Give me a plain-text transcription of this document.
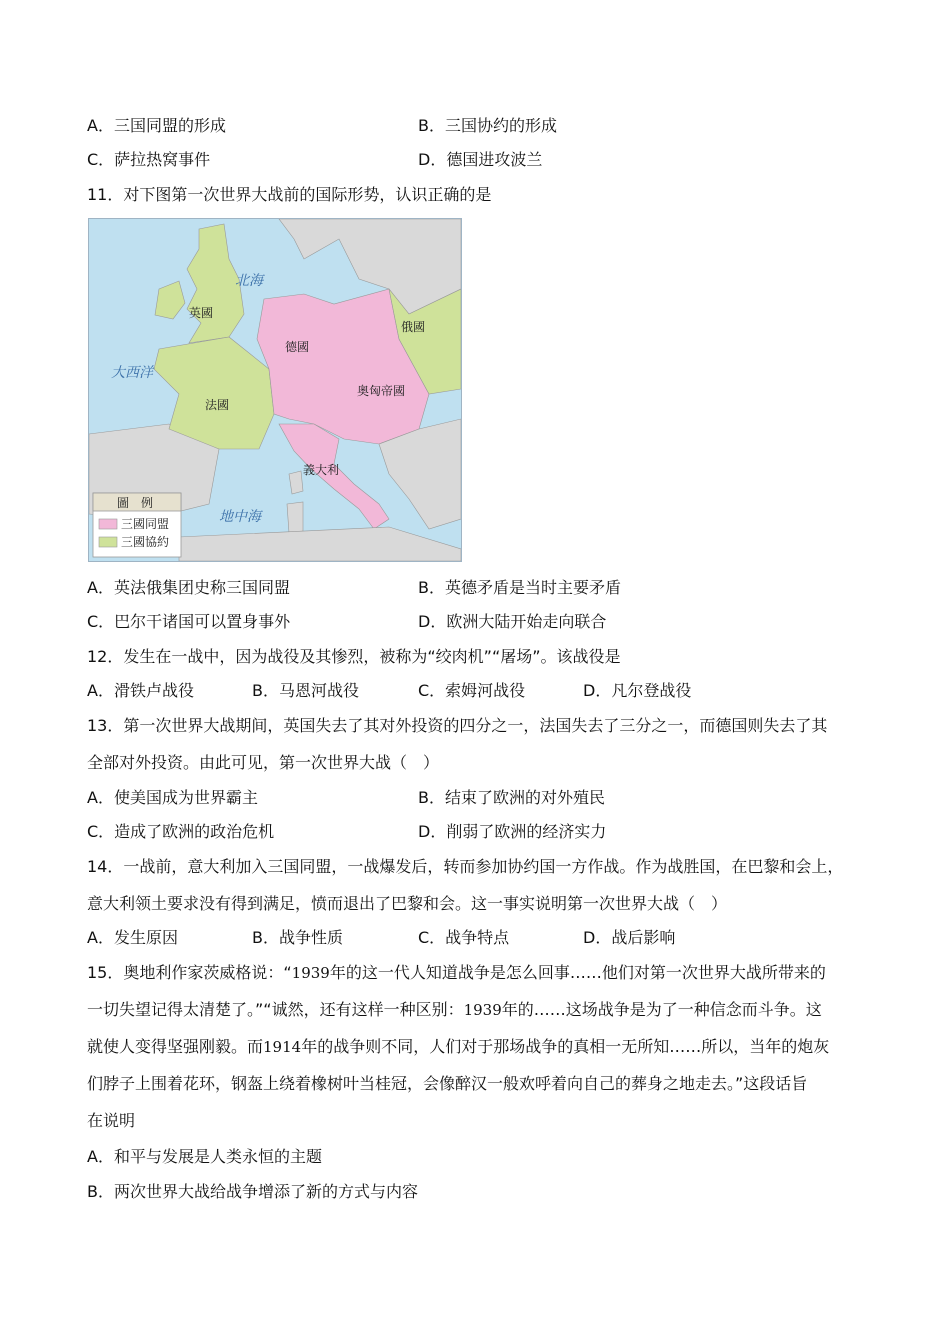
A．三国同盟的形成	B．三国协约的形成
C．萨拉热窝事件	D．德国进攻波兰
11．对下图第一次世界大战前的国际形势，认识正确的是
北海
大西洋
地中海
英國
德國
俄國
奥匈帝國
法國
義大利
圖　例
三國同盟
三國協約
A．英法俄集团史称三国同盟	B．英德矛盾是当时主要矛盾
C．巴尔干诸国可以置身事外	D．欧洲大陆开始走向联合
12．发生在一战中，因为战役及其惨烈，被称为“绞肉机”“屠场”。该战役是
A．滑铁卢战役	B．马恩河战役	C．索姆河战役	D．凡尔登战役
13．第一次世界大战期间，英国失去了其对外投资的四分之一，法国失去了三分之一，而德国则失去了其
全部对外投资。由此可见，第一次世界大战（　）
A．使美国成为世界霸主	B．结束了欧洲的对外殖民
C．造成了欧洲的政治危机	D．削弱了欧洲的经济实力
14．一战前，意大利加入三国同盟，一战爆发后，转而参加协约国一方作战。作为战胜国，在巴黎和会上，
意大利领土要求没有得到满足，愤而退出了巴黎和会。这一事实说明第一次世界大战（　）
A．发生原因	B．战争性质	C．战争特点	D．战后影响
15．奥地利作家茨威格说：“1939年的这一代人知道战争是怎么回事……他们对第一次世界大战所带来的
一切失望记得太清楚了。”“诚然，还有这样一种区别：1939年的……这场战争是为了一种信念而斗争。这
就使人变得坚强刚毅。而1914年的战争则不同，人们对于那场战争的真相一无所知……所以，当年的炮灰
们脖子上围着花环，钢盔上绕着橡树叶当桂冠，会像醉汉一般欢呼着向自己的葬身之地走去。”这段话旨
在说明
A．和平与发展是人类永恒的主题
B．两次世界大战给战争增添了新的方式与内容
